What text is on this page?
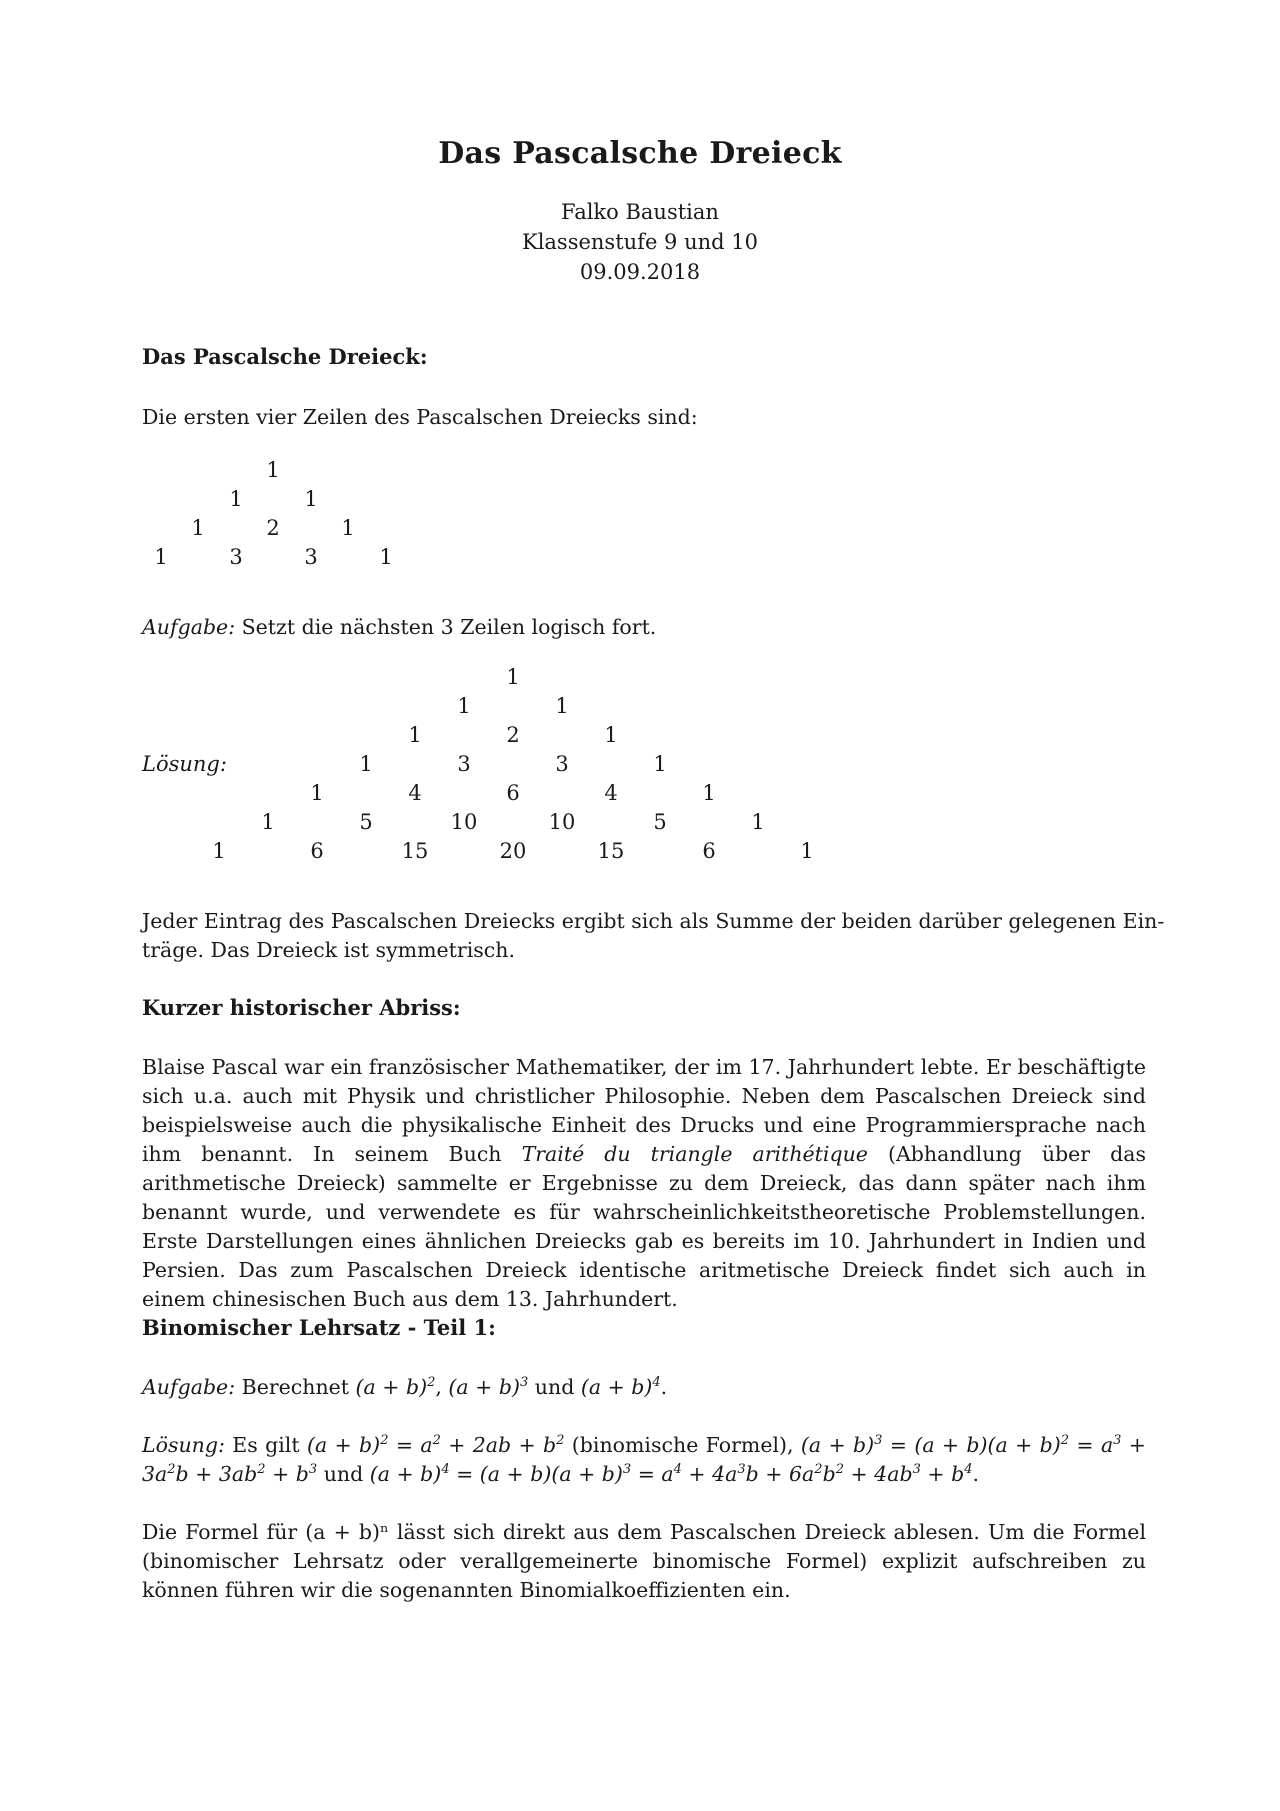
Das Pascalsche Dreieck
Falko Baustian
Klassenstufe 9 und 10
09.09.2018
Das Pascalsche Dreieck:
Die ersten vier Zeilen des Pascalschen Dreiecks sind:
1
1	1
1	2	1
1	3	3	1
Aufgabe: Setzt die nächsten 3 Zeilen logisch fort.
Lösung:
1
1	1
1	2	1
1	3	3	1
1	4	6	4	1
1	5	10	10	5	1
1	6	15	20	15	6	1
Jeder Eintrag des Pascalschen Dreiecks ergibt sich als Summe der beiden darüber gelegenen Ein-
träge. Das Dreieck ist symmetrisch.
Kurzer historischer Abriss:
Blaise Pascal war ein französischer Mathematiker, der im 17. Jahrhundert lebte. Er beschäftigte sich u.a. auch mit Physik und christlicher Philosophie. Neben dem Pascalschen Dreieck sind beispielsweise auch die physikalische Einheit des Drucks und eine Programmiersprache nach ihm benannt. In seinem Buch Traité du triangle arithétique (Abhandlung über das arithmetische Dreieck) sammelte er Ergebnisse zu dem Dreieck, das dann später nach ihm benannt wurde, und verwendete es für wahrscheinlichkeitstheoretische Problemstellungen. Erste Darstellungen eines ähnlichen Dreiecks gab es bereits im 10. Jahrhundert in Indien und Persien. Das zum Pascalschen Dreieck identische aritmetische Dreieck findet sich auch in einem chinesischen Buch aus dem 13. Jahrhundert.
Binomischer Lehrsatz - Teil 1:
Aufgabe: Berechnet $(a + b)^2$, $(a + b)^3$ und $(a + b)^4$.
Lösung: Es gilt $(a + b)^2 = a^2 + 2ab + b^2$ (binomische Formel), $(a + b)^3 = (a + b)(a + b)^2 = a^3 + 3a^2b + 3ab^2 + b^3$ und $(a + b)^4 = (a + b)(a + b)^3 = a^4 + 4a^3b + 6a^2b^2 + 4ab^3 + b^4$.
Die Formel für (a + b)ⁿ lässt sich direkt aus dem Pascalschen Dreieck ablesen. Um die Formel (binomischer Lehrsatz oder verallgemeinerte binomische Formel) explizit aufschreiben zu können führen wir die sogenannten Binomialkoeffizienten ein.
